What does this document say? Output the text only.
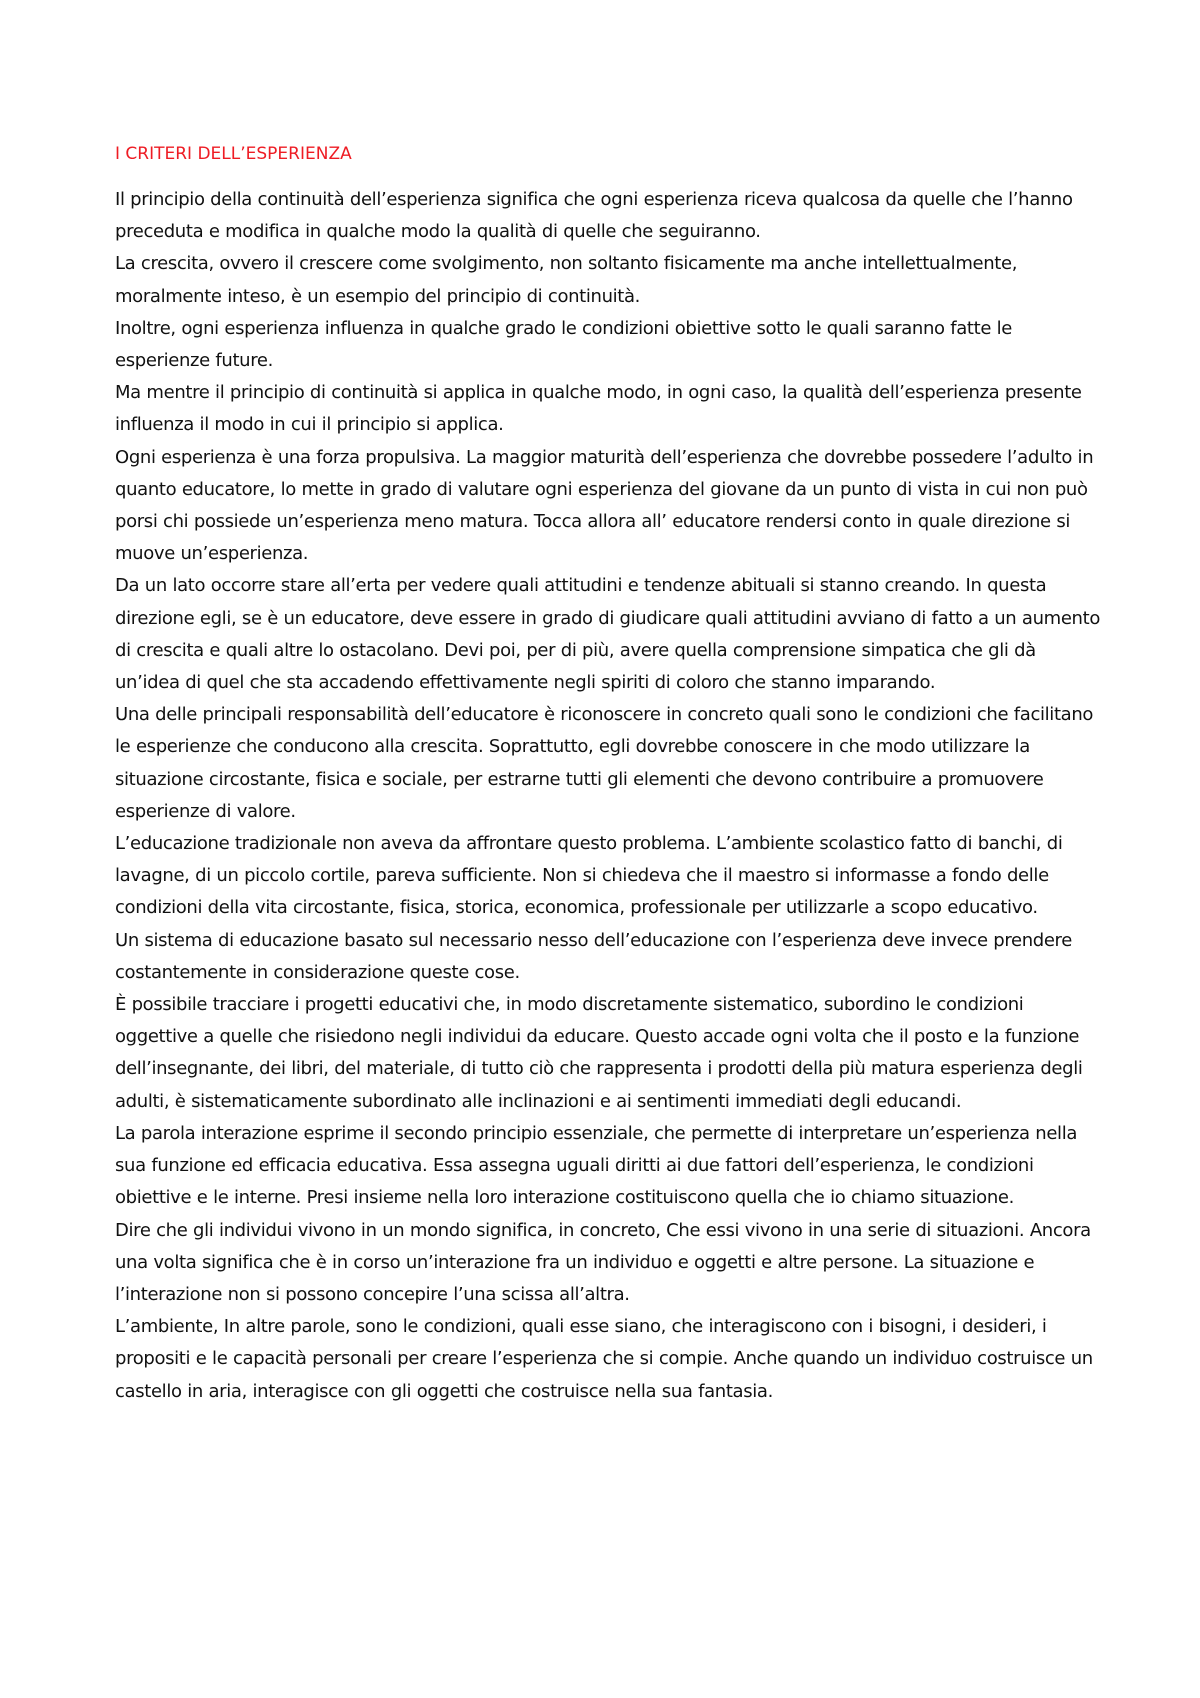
I CRITERI DELL’ESPERIENZA

Il principio della continuità dell’esperienza significa che ogni esperienza riceva qualcosa da quelle che l’hanno preceduta e modifica in qualche modo la qualità di quelle che seguiranno.

La crescita, ovvero il crescere come svolgimento, non soltanto fisicamente ma anche intellettualmente, moralmente inteso, è un esempio del principio di continuità.

Inoltre, ogni esperienza influenza in qualche grado le condizioni obiettive sotto le quali saranno fatte le esperienze future.

Ma mentre il principio di continuità si applica in qualche modo, in ogni caso, la qualità dell’esperienza presente influenza il modo in cui il principio si applica.

Ogni esperienza è una forza propulsiva. La maggior maturità dell’esperienza che dovrebbe possedere l’adulto in quanto educatore, lo mette in grado di valutare ogni esperienza del giovane da un punto di vista in cui non può porsi chi possiede un’esperienza meno matura. Tocca allora all’ educatore rendersi conto in quale direzione si muove un’esperienza.

Da un lato occorre stare all’erta per vedere quali attitudini e tendenze abituali si stanno creando. In questa direzione egli, se è un educatore, deve essere in grado di giudicare quali attitudini avviano di fatto a un aumento di crescita e quali altre lo ostacolano. Devi poi, per di più, avere quella comprensione simpatica che gli dà un’idea di quel che sta accadendo effettivamente negli spiriti di coloro che stanno imparando.

Una delle principali responsabilità dell’educatore è riconoscere in concreto quali sono le condizioni che facilitano le esperienze che conducono alla crescita. Soprattutto, egli dovrebbe conoscere in che modo utilizzare la situazione circostante, fisica e sociale, per estrarne tutti gli elementi che devono contribuire a promuovere esperienze di valore.

L’educazione tradizionale non aveva da affrontare questo problema. L’ambiente scolastico fatto di banchi, di lavagne, di un piccolo cortile, pareva sufficiente. Non si chiedeva che il maestro si informasse a fondo delle condizioni della vita circostante, fisica, storica, economica, professionale per utilizzarle a scopo educativo.

Un sistema di educazione basato sul necessario nesso dell’educazione con l’esperienza deve invece prendere costantemente in considerazione queste cose.

È possibile tracciare i progetti educativi che, in modo discretamente sistematico, subordino le condizioni oggettive a quelle che risiedono negli individui da educare. Questo accade ogni volta che il posto e la funzione dell’insegnante, dei libri, del materiale, di tutto ciò che rappresenta i prodotti della più matura esperienza degli adulti, è sistematicamente subordinato alle inclinazioni e ai sentimenti immediati degli educandi.

La parola interazione esprime il secondo principio essenziale, che permette di interpretare un’esperienza nella sua funzione ed efficacia educativa. Essa assegna uguali diritti ai due fattori dell’esperienza, le condizioni obiettive e le interne. Presi insieme nella loro interazione costituiscono quella che io chiamo situazione.

Dire che gli individui vivono in un mondo significa, in concreto, Che essi vivono in una serie di situazioni. Ancora una volta significa che è in corso un’interazione fra un individuo e oggetti e altre persone. La situazione e l’interazione non si possono concepire l’una scissa all’altra.

L’ambiente, In altre parole, sono le condizioni, quali esse siano, che interagiscono con i bisogni, i desideri, i propositi e le capacità personali per creare l’esperienza che si compie. Anche quando un individuo costruisce un castello in aria, interagisce con gli oggetti che costruisce nella sua fantasia.
